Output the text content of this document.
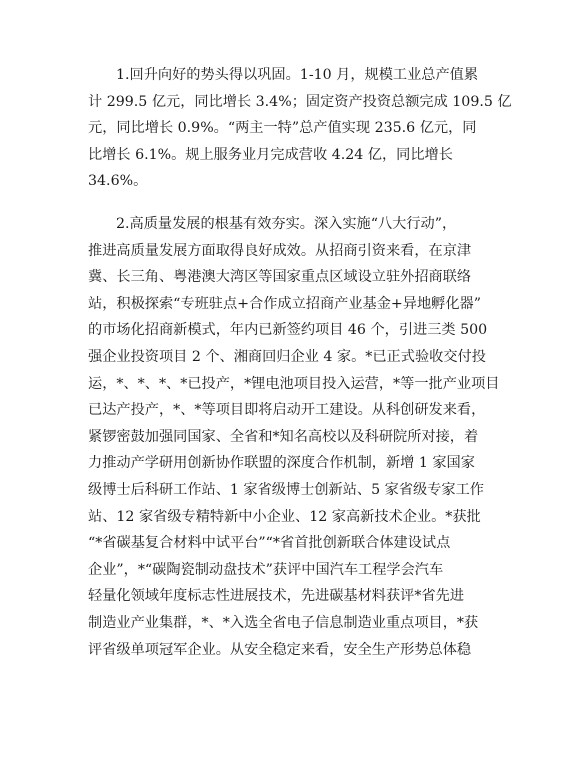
1.回升向好的势头得以巩固。1-10 月，规模工业总产值累
计 299.5 亿元，同比增长 3.4%；固定资产投资总额完成 109.5 亿
元，同比增长 0.9%。“两主一特”总产值实现 235.6 亿元，同
比增长 6.1%。规上服务业月完成营收 4.24 亿，同比增长
34.6%。
2.高质量发展的根基有效夯实。深入实施“八大行动”，
推进高质量发展方面取得良好成效。从招商引资来看，在京津
冀、长三角、粤港澳大湾区等国家重点区域设立驻外招商联络
站，积极探索“专班驻点+合作成立招商产业基金+异地孵化器”
的市场化招商新模式，年内已新签约项目 46 个，引进三类 500
强企业投资项目 2 个、湘商回归企业 4 家。*已正式验收交付投
运，*、*、*、*已投产，*锂电池项目投入运营，*等一批产业项目
已达产投产，*、*等项目即将启动开工建设。从科创研发来看，
紧锣密鼓加强同国家、全省和*知名高校以及科研院所对接，着
力推动产学研用创新协作联盟的深度合作机制，新增 1 家国家
级博士后科研工作站、1 家省级博士创新站、5 家省级专家工作
站、12 家省级专精特新中小企业、12 家高新技术企业。*获批
“*省碳基复合材料中试平台”“*省首批创新联合体建设试点
企业”，*“碳陶瓷制动盘技术”获评中国汽车工程学会汽车
轻量化领域年度标志性进展技术，先进碳基材料获评*省先进
制造业产业集群，*、*入选全省电子信息制造业重点项目，*获
评省级单项冠军企业。从安全稳定来看，安全生产形势总体稳
